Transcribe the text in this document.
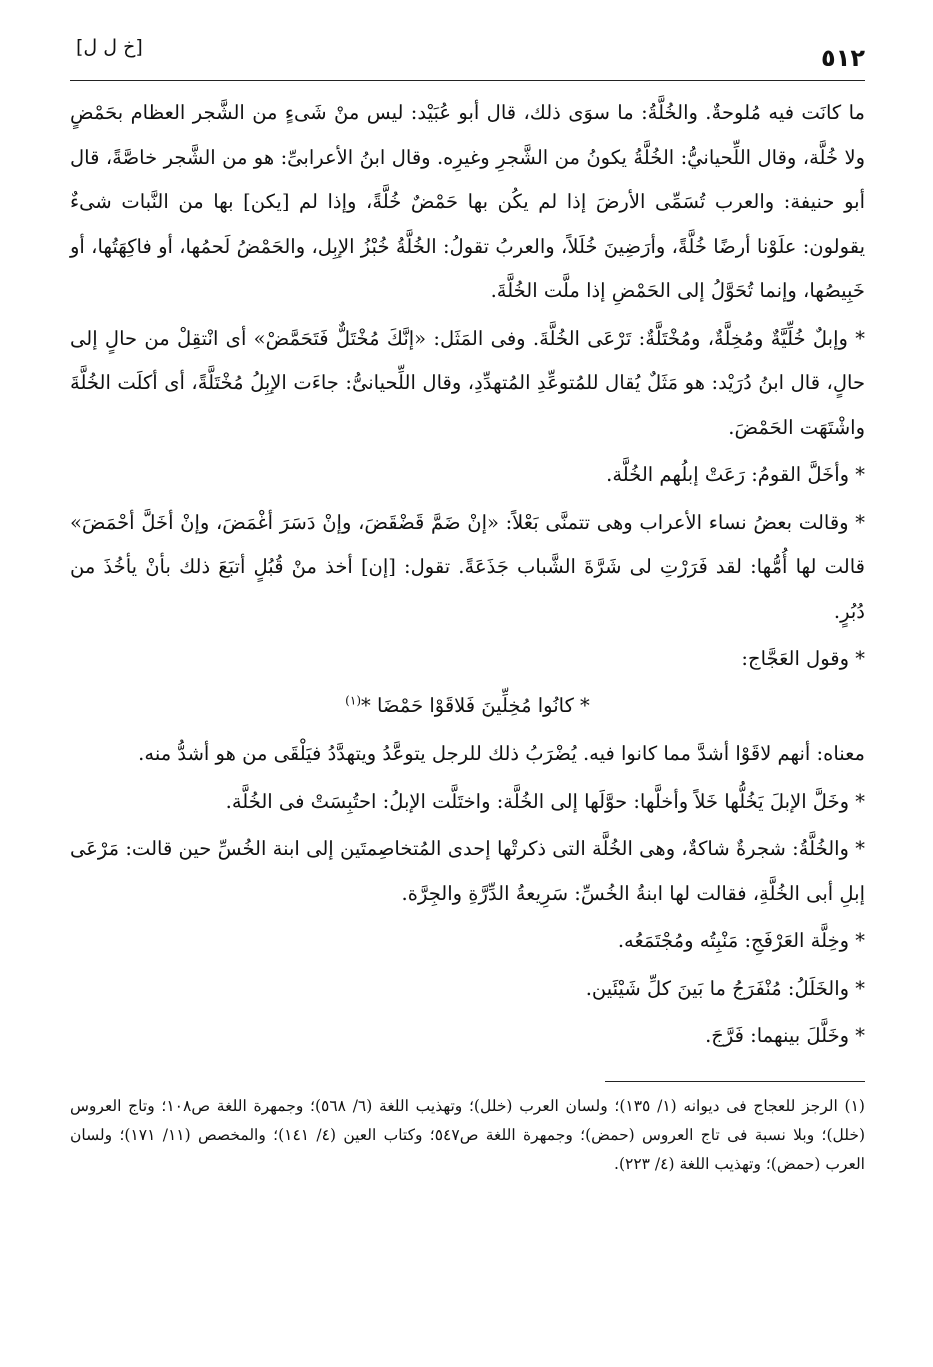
٥١٢
[خ ل ل]

ما كانَت فيه مُلوحةٌ. والخُلَّةُ: ما سوَى ذلك، قال أبو عُبَيْد: ليس منْ شَىءٍ من الشَّجر العظام بحَمْضٍ ولا خُلَّة، وقال اللِّحيانيُّ: الخُلَّةُ يكونُ من الشَّجرِ وغيرِه. وقال ابنُ الأعرابىِّ: هو من الشَّجر خاصَّةً، قال أبو حنيفة: والعرب تُسَمِّى الأرضَ إذا لم يكُن بها حَمْضٌ خُلَّةً، وإذا لم [يكن] بها من النَّبات شىءٌ يقولون: علَوْنا أرضًا خُلَّةً، وأرَضِينَ خُلَلاً، والعربُ تقولُ: الخُلَّةُ خُبْزُ الإبِل، والحَمْضُ لَحمُها، أو فاكِهَتُها، أو خَبِيصُها، وإنما تُحَوَّلُ إلى الحَمْضِ إذا ملَّت الخُلَّةَ.

* وإبلٌ خُلِّيَّةٌ ومُخِلَّةٌ، ومُخْتَلَّةٌ: تَرْعَى الخُلَّةَ. وفى المَثَل: «إنَّكَ مُخْتَلٌّ فَتَحَمَّضْ» أى انْتقِلْ من حالٍ إلى حالٍ، قال ابنُ دُرَيْد: هو مَثَلٌ يُقال للمُتوعِّدِ المُتهدِّدِ، وقال اللِّحيانىُّ: جاءَت الإبِلُ مُخْتَلَّةً، أى أكلَت الخُلَّةَ واشْتَهَت الحَمْضَ.

* وأخَلَّ القومُ: رَعَتْ إبلُهم الخُلَّة.

* وقالت بعضُ نساء الأعراب وهى تتمنَّى بَعْلاً: «إنْ ضَمَّ قَضْقَضَ، وإنْ دَسَرَ أغْمَضَ، وإنْ أخَلَّ أحْمَضَ» قالت لها أُمُّها: لقد فَرَرْتِ لى شَرَّةَ الشَّباب جَذَعَةً. تقول: [إن] أخذ منْ قُبُلٍ أتبَعَ ذلك بأنْ يأخُذَ من دُبُرٍ.

* وقول العَجَّاج:

* كانُوا مُخِلِّينَ فَلاقَوْا حَمْضَا *$^{(١)}$

معناه: أنهم لاقَوْا أشدَّ مما كانوا فيه. يُضْرَبُ ذلك للرجل يتوعَّدُ ويتهدَّدُ فيَلْقَى من هو أشدُّ منه.

* وخَلَّ الإبلَ يَخُلُّها خَلاً وأخلَّها: حوَّلَها إلى الخُلَّة: واختَلَّت الإبلُ: احتُبِسَتْ فى الخُلَّة.

* والخُلَّةُ: شجرةٌ شاكةٌ، وهى الخُلَّة التى ذكرتْها إحدى المُتخاصِمتَين إلى ابنة الخُسِّ حين قالت: مَرْعَى إبلِ أبى الخُلَّةِ، فقالت لها ابنةُ الخُسِّ: سَرِيعةُ الدِّرَّةِ والجِرَّة.

* وخِلَّة العَرْفَجِ: مَنْبِتُه ومُجْتَمَعُه.

* والخَلَلُ: مُنْفَرَجُ ما بَينَ كلِّ شَيْئَين.

* وخَلَّلَ بينهما: فَرَّجَ.

(١) الرجز للعجاج فى ديوانه (١/ ١٣٥)؛ ولسان العرب (خلل)؛ وتهذيب اللغة (٦/ ٥٦٨)؛ وجمهرة اللغة ص١٠٨؛ وتاج العروس (خلل)؛ وبلا نسبة فى تاج العروس (حمض)؛ وجمهرة اللغة ص٥٤٧؛ وكتاب العين (٤/ ١٤١)؛ والمخصص (١١/ ١٧١)؛ ولسان العرب (حمض)؛ وتهذيب اللغة (٤/ ٢٢٣).
